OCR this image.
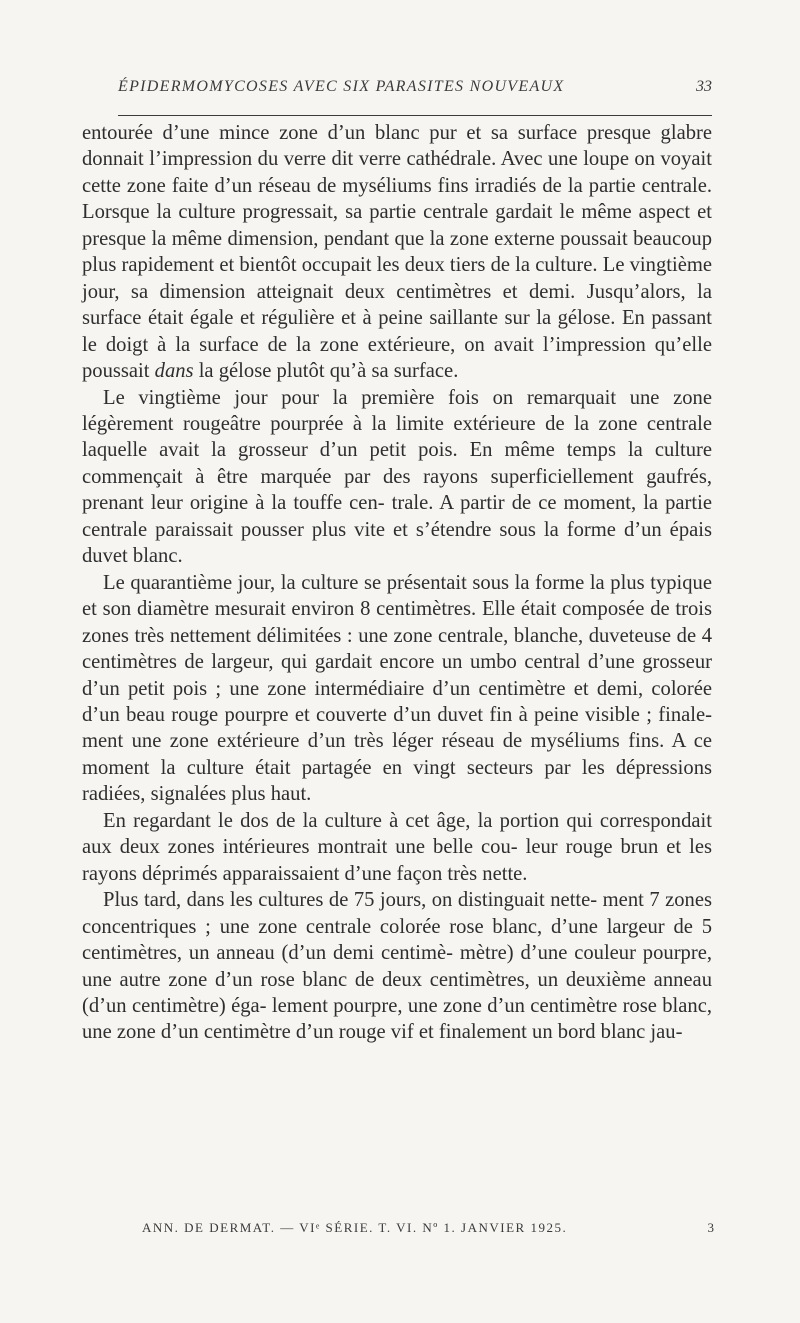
ÉPIDERMOMYCOSES AVEC SIX PARASITES NOUVEAUX	33

entourée d’une mince zone d’un blanc pur et sa surface presque glabre donnait l’impression du verre dit verre cathédrale. Avec une loupe on voyait cette zone faite d’un réseau de myséliums fins irradiés de la partie centrale. Lorsque la culture progressait, sa partie centrale gardait le même aspect et presque la même dimension, pendant que la zone externe poussait beaucoup plus rapidement et bientôt occupait les deux tiers de la culture. Le vingtième jour, sa dimension atteignait deux centimètres et demi. Jusqu’alors, la surface était égale et régulière et à peine saillante sur la gélose. En passant le doigt à la surface de la zone extérieure, on avait l’impression qu’elle poussait dans la gélose plutôt qu’à sa surface.

Le vingtième jour pour la première fois on remarquait une zone légèrement rougeâtre pourprée à la limite extérieure de la zone centrale laquelle avait la grosseur d’un petit pois. En même temps la culture commençait à être marquée par des rayons superficiellement gaufrés, prenant leur origine à la touffe cen- trale. A partir de ce moment, la partie centrale paraissait pousser plus vite et s’étendre sous la forme d’un épais duvet blanc.

Le quarantième jour, la culture se présentait sous la forme la plus typique et son diamètre mesurait environ 8 centimètres. Elle était composée de trois zones très nettement délimitées : une zone centrale, blanche, duveteuse de 4 centimètres de largeur, qui gardait encore un umbo central d’une grosseur d’un petit pois ; une zone intermédiaire d’un centimètre et demi, colorée d’un beau rouge pourpre et couverte d’un duvet fin à peine visible ; finale- ment une zone extérieure d’un très léger réseau de myséliums fins. A ce moment la culture était partagée en vingt secteurs par les dépressions radiées, signalées plus haut.

En regardant le dos de la culture à cet âge, la portion qui correspondait aux deux zones intérieures montrait une belle cou- leur rouge brun et les rayons déprimés apparaissaient d’une façon très nette.

Plus tard, dans les cultures de 75 jours, on distinguait nette- ment 7 zones concentriques ; une zone centrale colorée rose blanc, d’une largeur de 5 centimètres, un anneau (d’un demi centimè- mètre) d’une couleur pourpre, une autre zone d’un rose blanc de deux centimètres, un deuxième anneau (d’un centimètre) éga- lement pourpre, une zone d’un centimètre rose blanc, une zone d’un centimètre d’un rouge vif et finalement un bord blanc jau-

ANN. DE DERMAT. — VIᵉ SÉRIE. T. VI. Nº 1. JANVIER 1925.	3
